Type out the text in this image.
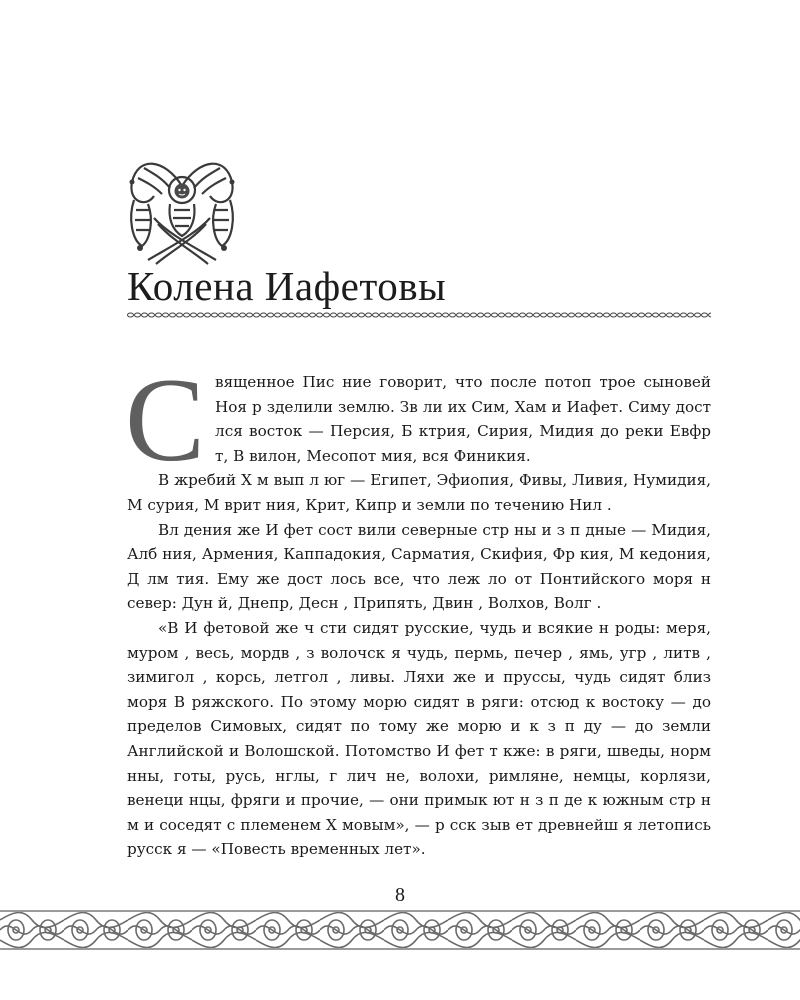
Колена Иафетовы

Священное Пис ние говорит, что после потоп трое сыновей Ноя р зделили землю. Зв ли их Сим, Хам и Иафет. Симу дост лся восток — Персия, Б ктрия, Сирия, Мидия до реки Евфр т, В вилон, Месопот мия, вся Финикия.

В жребий Х м вып л юг — Египет, Эфиопия, Фивы, Ливия, Нумидия, М сурия, М врит ния, Крит, Кипр и земли по течению Нил .

Вл дения же И фет сост вили северные стр ны и з п дные — Мидия, Алб ния, Армения, Каппадокия, Сарматия, Скифия, Фр кия, М кедония, Д лм тия. Ему же дост лось все, что леж ло от Понтийского моря н север: Дун й, Днепр, Десн , Припять, Двин , Волхов, Волг .

«В И фетовой же ч сти сидят русские, чудь и всякие н роды: меря, муром , весь, мордв , з волочск я чудь, пермь, печер , ямь, угр , литв , зимигол , корсь, летгол , ливы. Ляхи же и пруссы, чудь сидят близ моря В ряжского. По этому морю сидят в ряги: отсюд к востоку — до пределов Симовых, сидят по тому же морю и к з п ду — до земли Английской и Волошской. Потомство И фет т кже: в ряги, шведы, норм нны, готы, русь, нглы, г лич не, волохи, римляне, немцы, корлязи, венеци нцы, фряги и прочие, — они примык ют н з п де к южным стр н м и соседят с племенем Х мовым», — р сск зыв ет древнейш я летопись русск я — «Повесть временных лет».

8
